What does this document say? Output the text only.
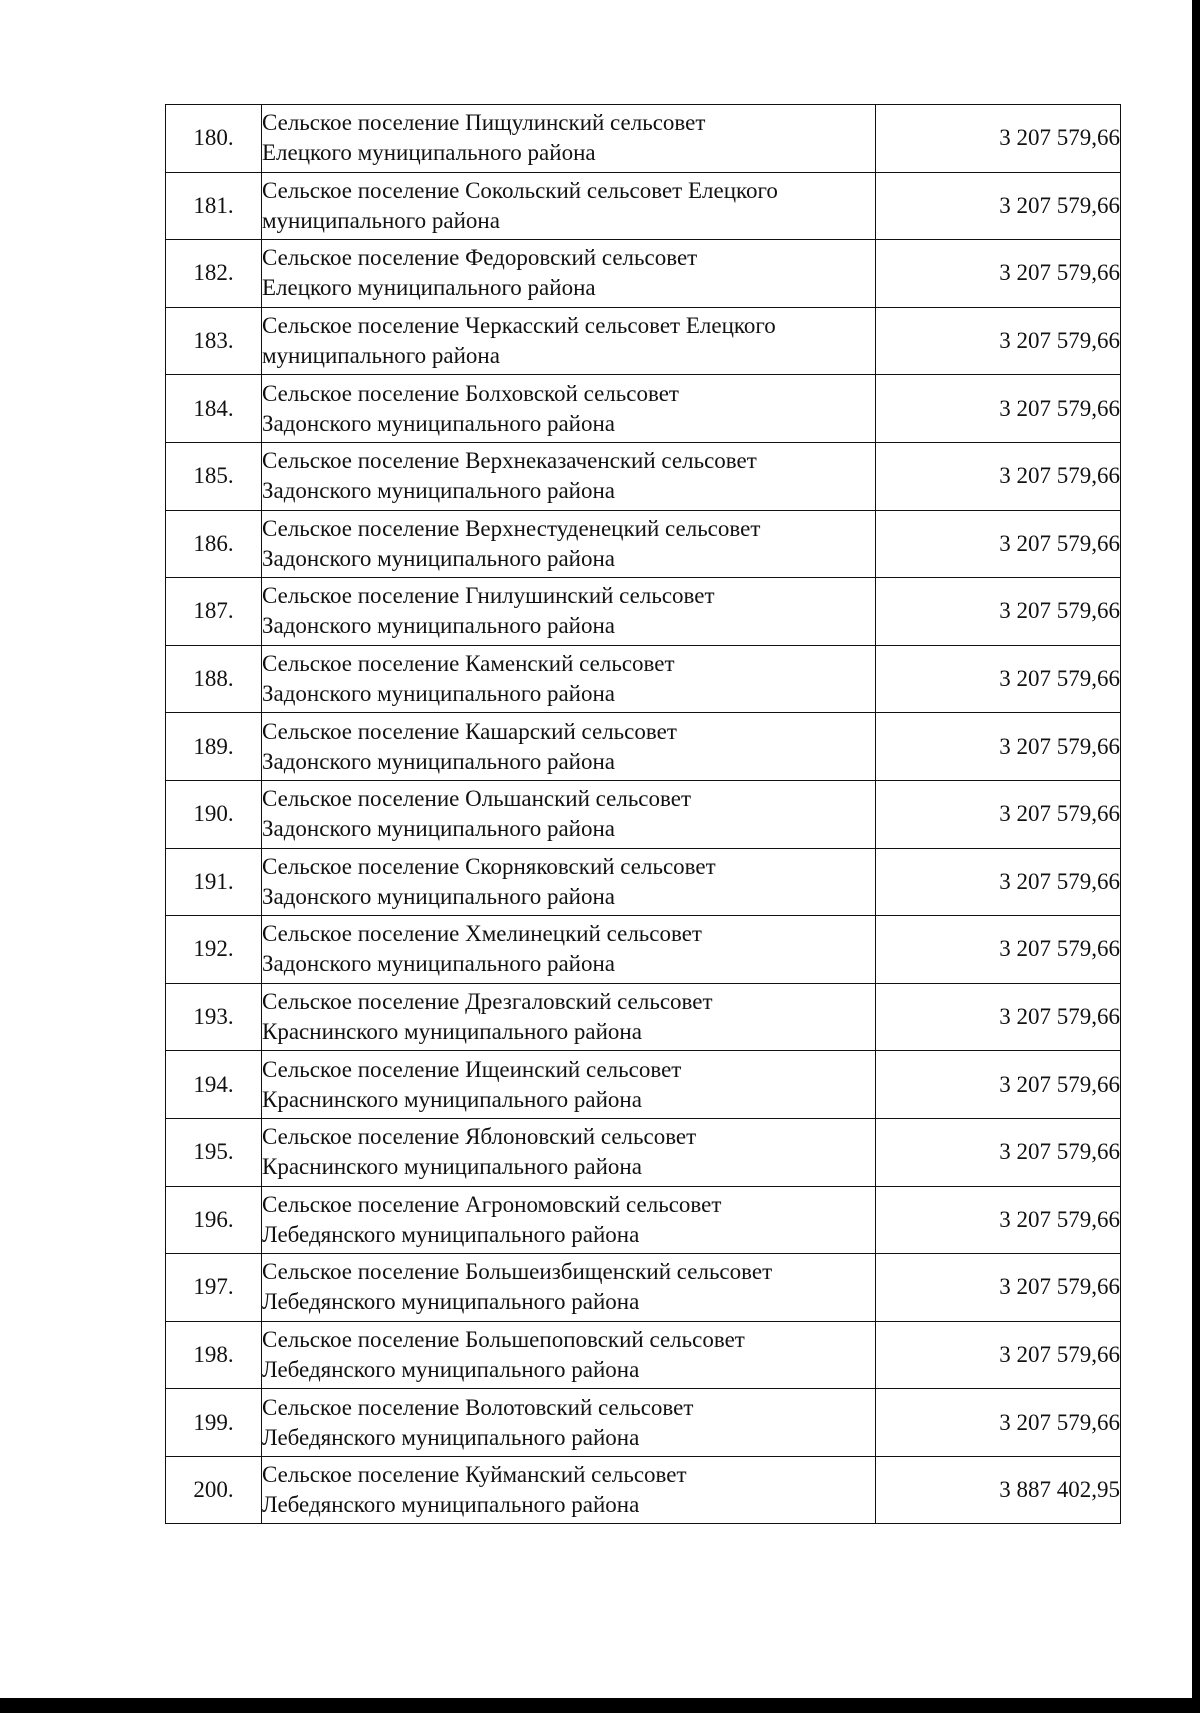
180.	Сельское поселение Пищулинский сельсовет
Елецкого муниципального района	3 207 579,66
181.	Сельское поселение Сокольский сельсовет Елецкого
муниципального района	3 207 579,66
182.	Сельское поселение Федоровский сельсовет
Елецкого муниципального района	3 207 579,66
183.	Сельское поселение Черкасский сельсовет Елецкого
муниципального района	3 207 579,66
184.	Сельское поселение Болховской сельсовет
Задонского муниципального района	3 207 579,66
185.	Сельское поселение Верхнеказаченский сельсовет
Задонского муниципального района	3 207 579,66
186.	Сельское поселение Верхнестуденецкий сельсовет
Задонского муниципального района	3 207 579,66
187.	Сельское поселение Гнилушинский сельсовет
Задонского муниципального района	3 207 579,66
188.	Сельское поселение Каменский сельсовет
Задонского муниципального района	3 207 579,66
189.	Сельское поселение Кашарский сельсовет
Задонского муниципального района	3 207 579,66
190.	Сельское поселение Ольшанский сельсовет
Задонского муниципального района	3 207 579,66
191.	Сельское поселение Скорняковский сельсовет
Задонского муниципального района	3 207 579,66
192.	Сельское поселение Хмелинецкий сельсовет
Задонского муниципального района	3 207 579,66
193.	Сельское поселение Дрезгаловский сельсовет
Краснинского муниципального района	3 207 579,66
194.	Сельское поселение Ищеинский сельсовет
Краснинского муниципального района	3 207 579,66
195.	Сельское поселение Яблоновский сельсовет
Краснинского муниципального района	3 207 579,66
196.	Сельское поселение Агрономовский сельсовет
Лебедянского муниципального района	3 207 579,66
197.	Сельское поселение Большеизбищенский сельсовет
Лебедянского муниципального района	3 207 579,66
198.	Сельское поселение Большепоповский сельсовет
Лебедянского муниципального района	3 207 579,66
199.	Сельское поселение Волотовский сельсовет
Лебедянского муниципального района	3 207 579,66
200.	Сельское поселение Куйманский сельсовет
Лебедянского муниципального района	3 887 402,95
